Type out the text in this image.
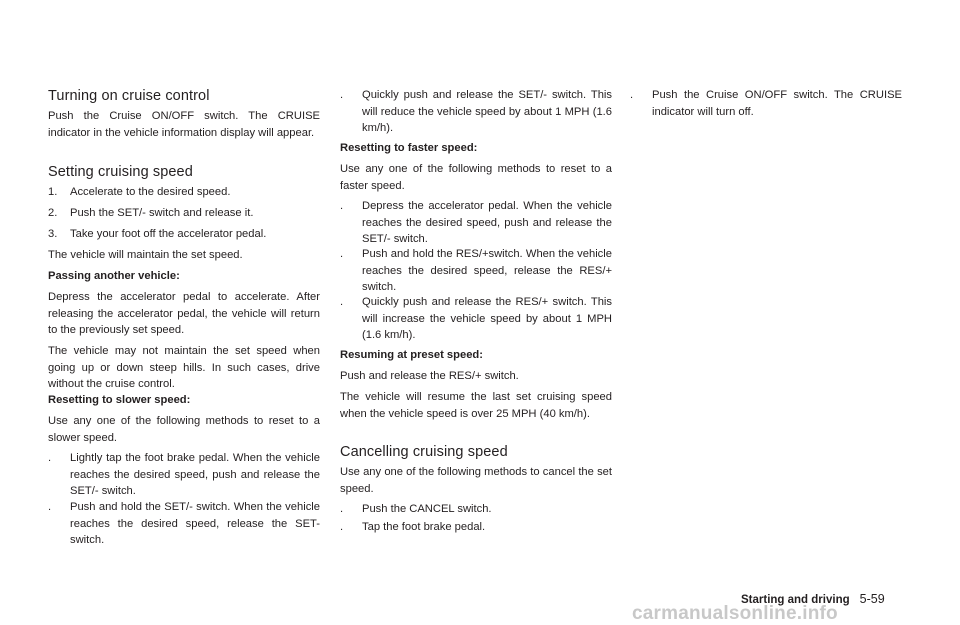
Turning on cruise control

Push the Cruise ON/OFF switch. The CRUISE indicator in the vehicle information display will appear.

Setting cruising speed
1.	Accelerate to the desired speed.
2.	Push the SET/- switch and release it.
3.	Take your foot off the accelerator pedal.

The vehicle will maintain the set speed.

Passing another vehicle:

Depress the accelerator pedal to accelerate. After releasing the accelerator pedal, the vehicle will return to the previously set speed.

The vehicle may not maintain the set speed when going up or down steep hills. In such cases, drive without the cruise control.

Resetting to slower speed:

Use any one of the following methods to reset to a slower speed.

.	Lightly tap the foot brake pedal. When the vehicle reaches the desired speed, push and release the SET/- switch.
.	Push and hold the SET/- switch. When the vehicle reaches the desired speed, release the SET- switch.
.	Quickly push and release the SET/- switch. This will reduce the vehicle speed by about 1 MPH (1.6 km/h).

Resetting to faster speed:

Use any one of the following methods to reset to a faster speed.

.	Depress the accelerator pedal. When the vehicle reaches the desired speed, push and release the SET/- switch.
.	Push and hold the RES/+switch. When the vehicle reaches the desired speed, release the RES/+ switch.
.	Quickly push and release the RES/+ switch. This will increase the vehicle speed by about 1 MPH (1.6 km/h).

Resuming at preset speed:

Push and release the RES/+ switch.

The vehicle will resume the last set cruising speed when the vehicle speed is over 25 MPH (40 km/h).

Cancelling cruising speed

Use any one of the following methods to cancel the set speed.

.	Push the CANCEL switch.
.	Tap the foot brake pedal.
.	Push the Cruise ON/OFF switch. The CRUISE indicator will turn off.
Starting and driving 5-59
carmanualsonline.info
